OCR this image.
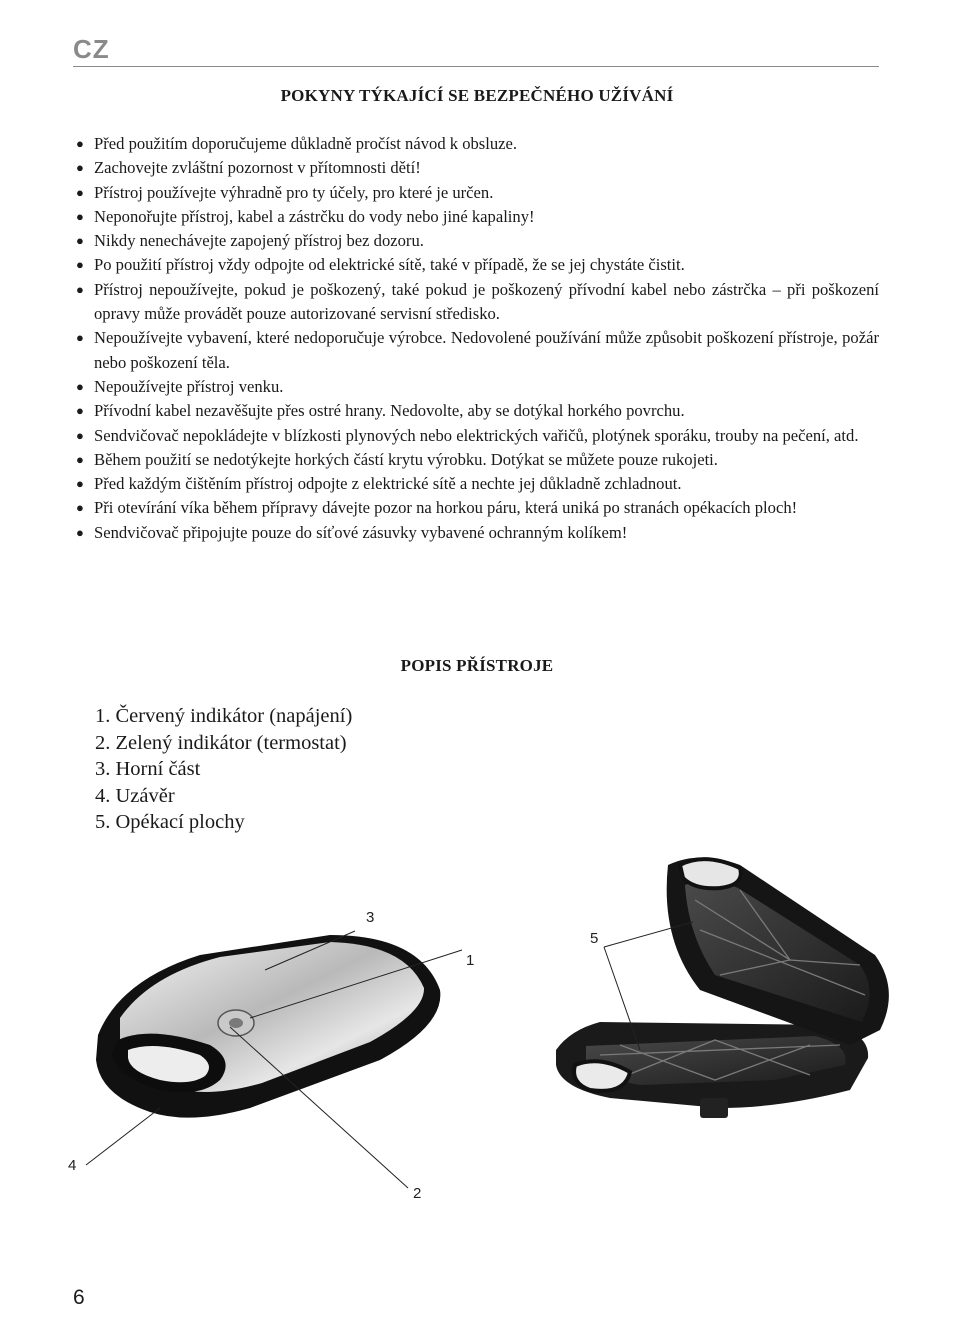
CZ
POKYNY TÝKAJÍCÍ SE BEZPEČNÉHO UŽÍVÁNÍ
● Před použitím doporučujeme důkladně pročíst návod k obsluze.
● Zachovejte zvláštní pozornost v přítomnosti dětí!
● Přístroj používejte výhradně pro ty účely, pro které je určen.
● Neponořujte přístroj, kabel a zástrčku do vody nebo jiné kapaliny!
● Nikdy nenechávejte zapojený přístroj bez dozoru.
● Po použití přístroj vždy odpojte od elektrické sítě, také v případě, že se jej chystáte čistit.
● Přístroj nepoužívejte, pokud je poškozený, také pokud je poškozený přívodní kabel nebo zástrčka – při poškození opravy může provádět pouze autorizované servisní středisko.
● Nepoužívejte vybavení, které nedoporučuje výrobce. Nedovolené používání může způsobit poškození přístroje, požár nebo poškození těla.
● Nepoužívejte přístroj venku.
● Přívodní kabel nezavěšujte přes ostré hrany. Nedovolte, aby se dotýkal horkého povrchu.
● Sendvičovač nepokládejte v blízkosti plynových nebo elektrických vařičů, plotýnek sporáku, trouby na pečení, atd.
● Během použití se nedotýkejte horkých částí krytu výrobku. Dotýkat se můžete pouze rukojeti.
● Před každým čištěním přístroj odpojte z elektrické sítě a nechte jej důkladně zchladnout.
● Při otevírání víka během přípravy dávejte pozor na horkou páru, která uniká po stranách opékacích ploch!
● Sendvičovač připojujte pouze do síťové zásuvky vybavené ochranným kolíkem!
POPIS PŘÍSTROJE
1. Červený indikátor (napájení)
2. Zelený indikátor (termostat)
3. Horní část
4. Uzávěr
5. Opékací plochy
3
1
2
4
5
6
